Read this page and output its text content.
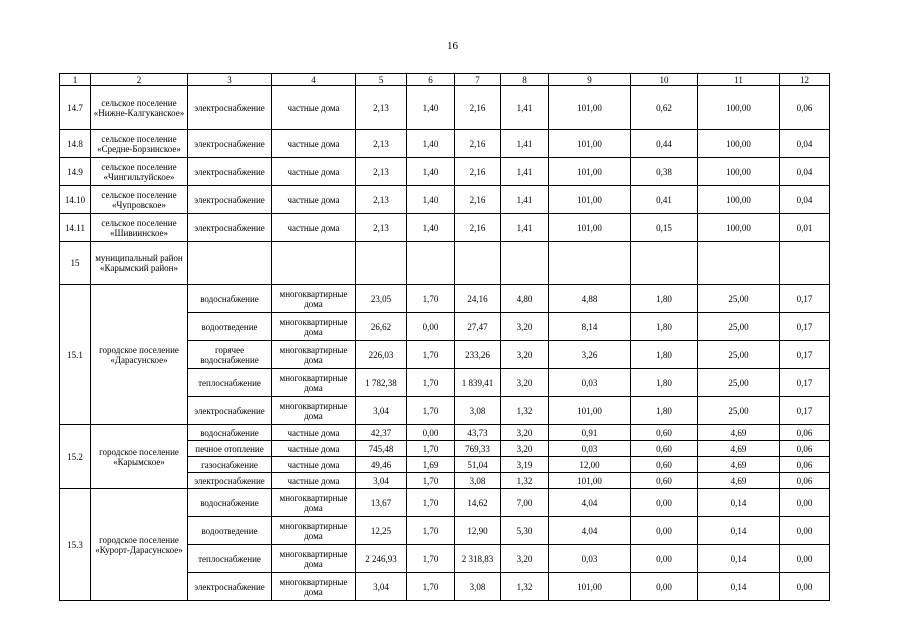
16
1	2	3	4	5	6	7	8	9	10	11	12
14.7	сельское поселение «Нижне-Калгуканское»	электроснабжение	частные дома	2,13	1,40	2,16	1,41	101,00	0,62	100,00	0,06
14.8	сельское поселение «Средне-Борзинское»	электроснабжение	частные дома	2,13	1,40	2,16	1,41	101,00	0,44	100,00	0,04
14.9	сельское поселение «Чингильтуйское»	электроснабжение	частные дома	2,13	1,40	2,16	1,41	101,00	0,38	100,00	0,04
14.10	сельское поселение «Чупровское»	электроснабжение	частные дома	2,13	1,40	2,16	1,41	101,00	0,41	100,00	0,04
14.11	сельское поселение «Шивиинское»	электроснабжение	частные дома	2,13	1,40	2,16	1,41	101,00	0,15	100,00	0,01
15	муниципальный район «Карымский район»										
15.1	городское поселение «Дарасунское»	водоснабжение	многоквартирные дома	23,05	1,70	24,16	4,80	4,88	1,80	25,00	0,17
		водоотведение	многоквартирные дома	26,62	0,00	27,47	3,20	8,14	1,80	25,00	0,17
		горячее водоснабжение	многоквартирные дома	226,03	1,70	233,26	3,20	3,26	1,80	25,00	0,17
		теплоснабжение	многоквартирные дома	1 782,38	1,70	1 839,41	3,20	0,03	1,80	25,00	0,17
		электроснабжение	многоквартирные дома	3,04	1,70	3,08	1,32	101,00	1,80	25,00	0,17
15.2	городское поселение «Карымское»	водоснабжение	частные дома	42,37	0,00	43,73	3,20	0,91	0,60	4,69	0,06
		печное отопление	частные дома	745,48	1,70	769,33	3,20	0,03	0,60	4,69	0,06
		газоснабжение	частные дома	49,46	1,69	51,04	3,19	12,00	0,60	4,69	0,06
		электроснабжение	частные дома	3,04	1,70	3,08	1,32	101,00	0,60	4,69	0,06
15.3	городское поселение «Курорт-Дарасунское»	водоснабжение	многоквартирные дома	13,67	1,70	14,62	7,00	4,04	0,00	0,14	0,00
		водоотведение	многоквартирные дома	12,25	1,70	12,90	5,30	4,04	0,00	0,14	0,00
		теплоснабжение	многоквартирные дома	2 246,93	1,70	2 318,83	3,20	0,03	0,00	0,14	0,00
		электроснабжение	многоквартирные дома	3,04	1,70	3,08	1,32	101,00	0,00	0,14	0,00
